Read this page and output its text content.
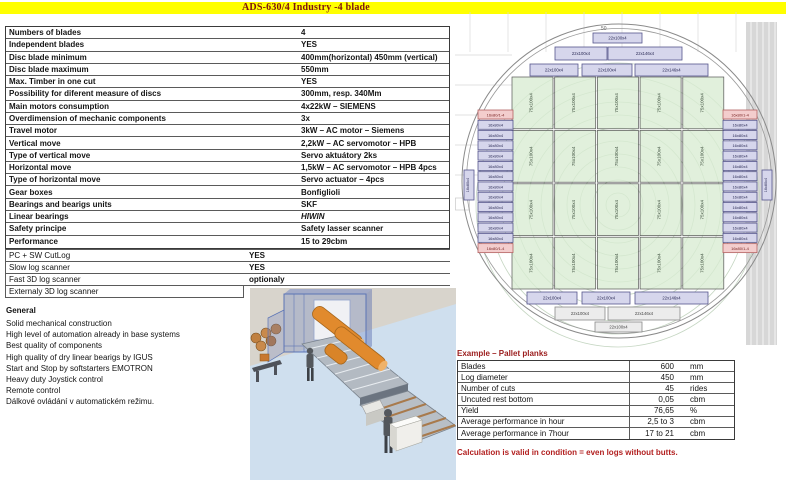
ADS-630/4 Industry -4 blade
Numbers of blades	4
Independent blades	YES
Disc blade minimum	400mm(horizontal) 450mm (vertical)
Disc blade maximum	550mm
Max. Timber in one cut	YES
Possibility for diferent measure of discs	300mm, resp. 340Mm
Main motors consumption	4x22kW – SIEMENS
Overdimension of mechanic components	3x
Travel motor	3kW – AC motor – Siemens
Vertical move	2,2kW – AC servomotor – HPB
Type of vertical move	Servo aktuátory 2ks
Horizontal move	1,5kW – AC servomotor – HPB 4pcs
Type of horizontal move	Servo actuator – 4pcs
Gear boxes	Bonfiglioli
Bearings and bearigs units	SKF
Linear bearings	HIWIN
Safety principe	Safety lasser scanner
Performance	15 to 29cbm
PC + SW CutLog	YES
Slow log scanner	YES
Fast 3D log scanner	optionaly
Externaly 3D log scanner
General
Solid mechanical construction
High level of automation already in base systems
Best quality of components
High quality of dry linear bearigs by IGUS
Start and Stop by softstarters EMOTRON
Heavy duty Joystick control
Remote control
Dálkové ovládání v automatickém režimu.
Example – Pallet planks
Blades	600 mm
Log diameter	450 mm
Number of cuts	45 rides
Uncuted rest bottom	0,05 cbm
Yield	76,65 %
Average performance in hour	2,5 to 3 cbm
Average performance in 7hour	17 to 21 cbm
Calculation is valid in condition = even logs without butts.
75x100x4	75x100x4	75x100x4	75x100x4	75x100x4
75x100x4	75x100x4	75x100x4	75x100x4	75x100x4
75x100x4	75x100x4	75x100x4	75x100x4	75x100x4
75x100x4	75x100x4	75x100x4	75x100x4	75x100x4
22x100x4
22x100x4	22x146x4
22x100x4	22x100x4	22x146x4
22x100x4	22x100x4	22x146x4
22x100x4	22x146x4
22x100x4
16x80/1-4
16x80x4
16x80x4
16x80x4
16x80x4
16x80x4
16x80x4
16x80x4
16x80x4
16x80x4
16x80x4
16x80x4
16x80x4
16x80/1-4
16x80/1-4
16x80x4
16x80x4
16x80x4
16x80x4
16x80x4
16x80x4
16x80x4
16x80x4
16x80x4
16x80x4
16x80x4
16x80x4
16x80/1-4
16x80x4	16x80x4
50
